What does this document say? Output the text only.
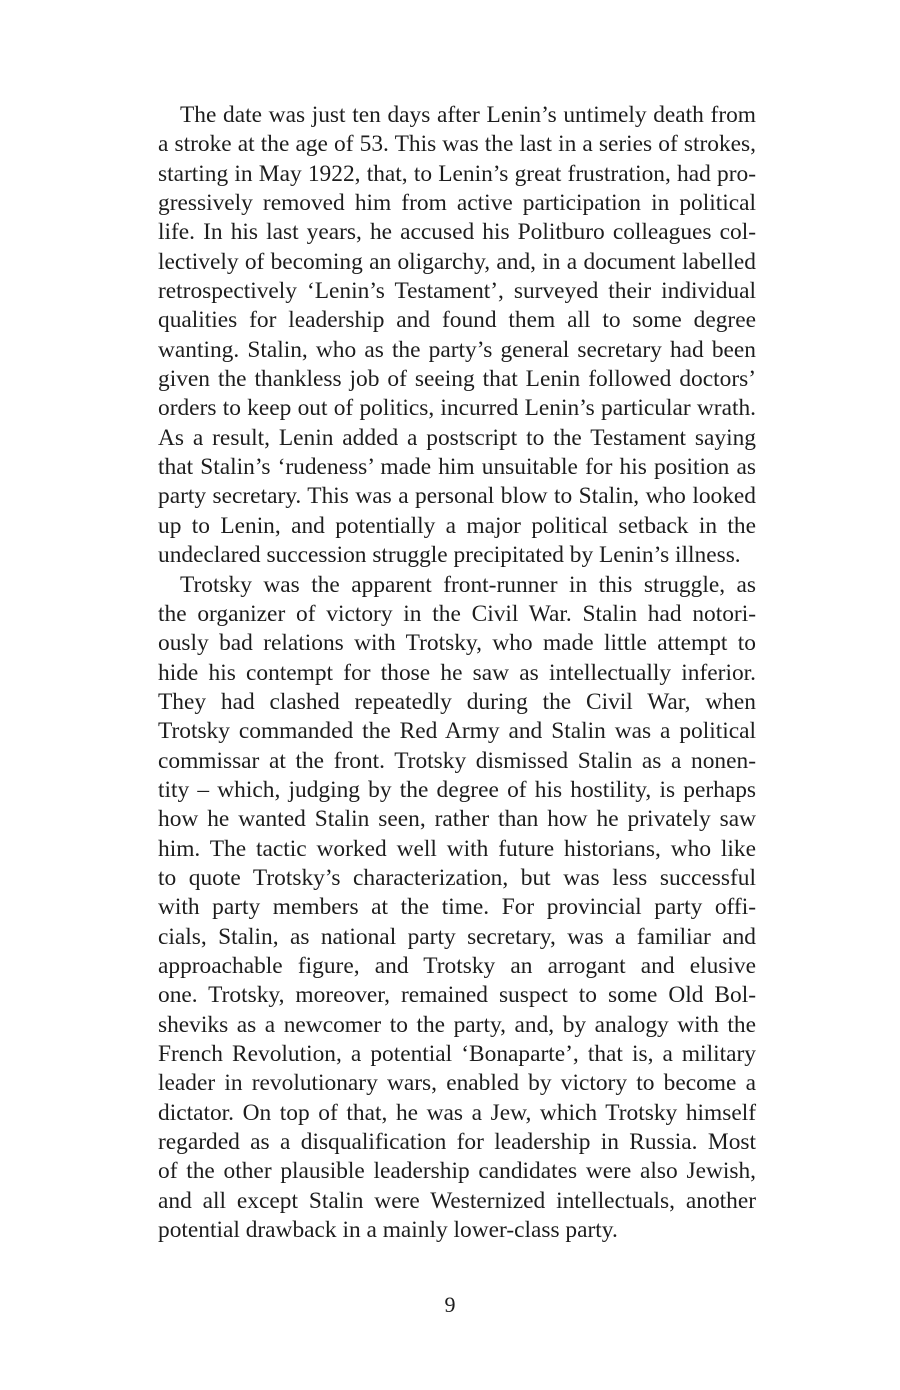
The date was just ten days after Lenin’s untimely death from
a stroke at the age of 53. This was the last in a series of strokes,
starting in May 1922, that, to Lenin’s great frustration, had pro-
gressively removed him from active participation in political
life. In his last years, he accused his Politburo colleagues col-
lectively of becoming an oligarchy, and, in a document labelled
retrospectively ‘Lenin’s Testament’, surveyed their individual
qualities for leadership and found them all to some degree
wanting. Stalin, who as the party’s general secretary had been
given the thankless job of seeing that Lenin followed doctors’
orders to keep out of politics, incurred Lenin’s particular wrath.
As a result, Lenin added a postscript to the Testament saying
that Stalin’s ‘rudeness’ made him unsuitable for his position as
party secretary. This was a personal blow to Stalin, who looked
up to Lenin, and potentially a major political setback in the
undeclared succession struggle precipitated by Lenin’s illness.
Trotsky was the apparent front-runner in this struggle, as
the organizer of victory in the Civil War. Stalin had notori-
ously bad relations with Trotsky, who made little attempt to
hide his contempt for those he saw as intellectually inferior.
They had clashed repeatedly during the Civil War, when
Trotsky commanded the Red Army and Stalin was a political
commissar at the front. Trotsky dismissed Stalin as a nonen-
tity – which, judging by the degree of his hostility, is perhaps
how he wanted Stalin seen, rather than how he privately saw
him. The tactic worked well with future historians, who like
to quote Trotsky’s characterization, but was less successful
with party members at the time. For provincial party offi-
cials, Stalin, as national party secretary, was a familiar and
approachable figure, and Trotsky an arrogant and elusive
one. Trotsky, moreover, remained suspect to some Old Bol-
sheviks as a newcomer to the party, and, by analogy with the
French Revolution, a potential ‘Bonaparte’, that is, a military
leader in revolutionary wars, enabled by victory to become a
dictator. On top of that, he was a Jew, which Trotsky himself
regarded as a disqualification for leadership in Russia. Most
of the other plausible leadership candidates were also Jewish,
and all except Stalin were Westernized intellectuals, another
potential drawback in a mainly lower-class party.
9
